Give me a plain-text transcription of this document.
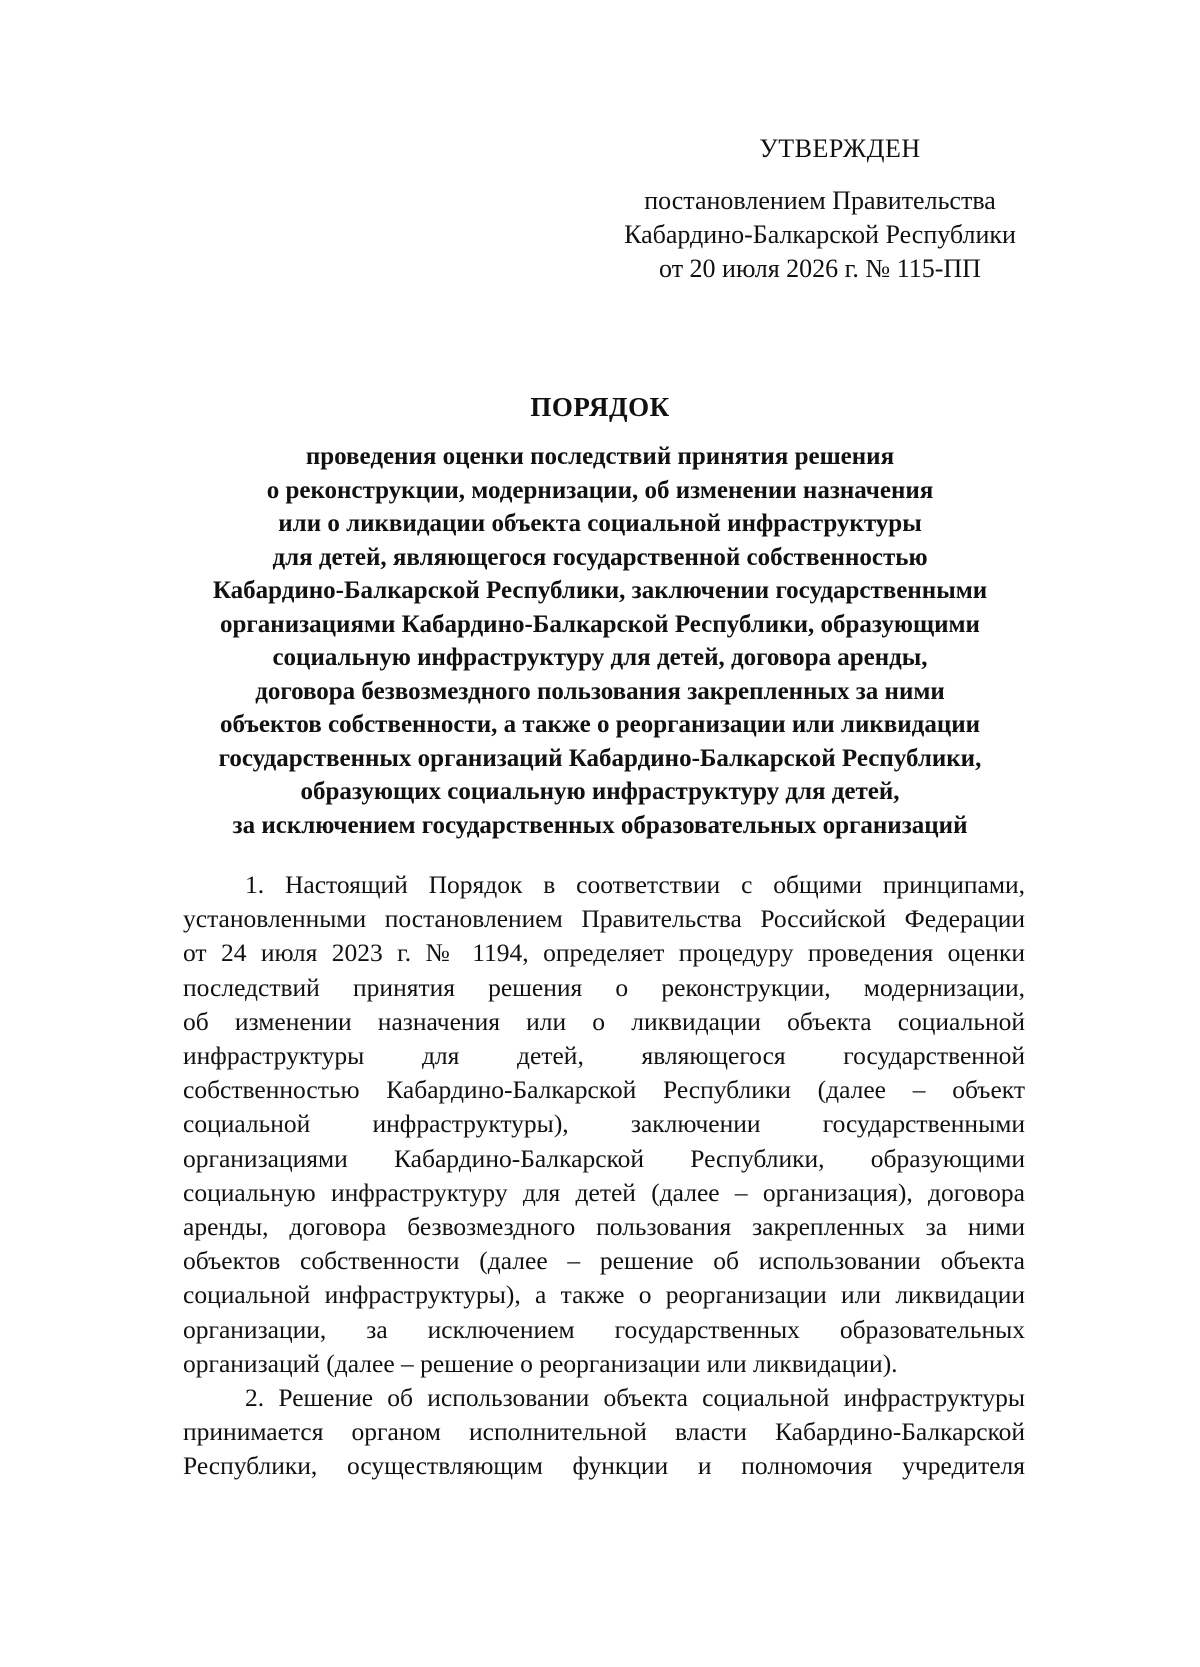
УТВЕРЖДЕН
постановлением Правительства
Кабардино-Балкарской Республики
от 20 июля 2026 г. № 115-ПП
ПОРЯДОК
проведения оценки последствий принятия решения
о реконструкции, модернизации, об изменении назначения
или о ликвидации объекта социальной инфраструктуры
для детей, являющегося государственной собственностью
Кабардино-Балкарской Республики, заключении государственными
организациями Кабардино-Балкарской Республики, образующими
социальную инфраструктуру для детей, договора аренды,
договора безвозмездного пользования закрепленных за ними
объектов собственности, а также о реорганизации или ликвидации
государственных организаций Кабардино-Балкарской Республики,
образующих социальную инфраструктуру для детей,
за исключением государственных образовательных организаций
1. Настоящий Порядок в соответствии с общими принципами,
установленными постановлением Правительства Российской Федерации
от 24 июля 2023 г. № 1194, определяет процедуру проведения оценки
последствий принятия решения о реконструкции, модернизации,
об изменении назначения или о ликвидации объекта социальной
инфраструктуры для детей, являющегося государственной
собственностью Кабардино-Балкарской Республики (далее – объект
социальной инфраструктуры), заключении государственными
организациями Кабардино-Балкарской Республики, образующими
социальную инфраструктуру для детей (далее – организация), договора
аренды, договора безвозмездного пользования закрепленных за ними
объектов собственности (далее – решение об использовании объекта
социальной инфраструктуры), а также о реорганизации или ликвидации
организации, за исключением государственных образовательных
организаций (далее – решение о реорганизации или ликвидации).
2. Решение об использовании объекта социальной инфраструктуры
принимается органом исполнительной власти Кабардино-Балкарской
Республики, осуществляющим функции и полномочия учредителя
